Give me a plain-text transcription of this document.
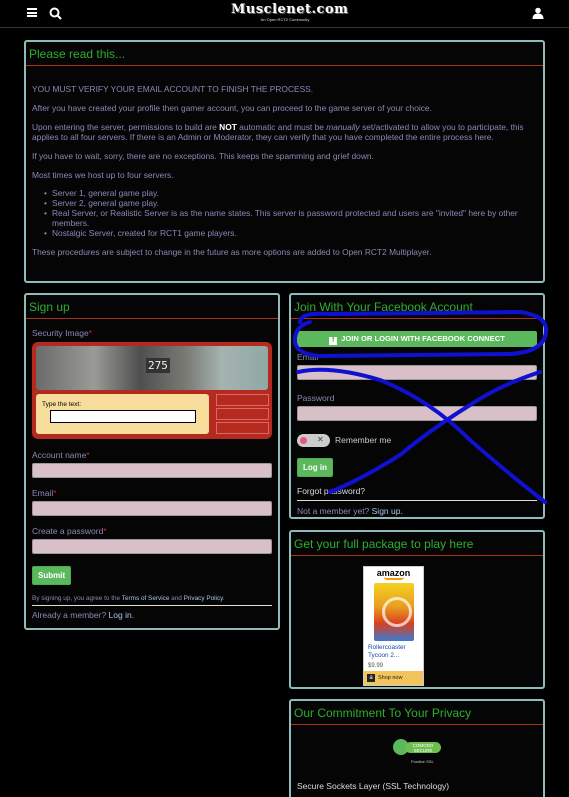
Musclenet.com
An Open RCT2 Community
Please read this...

YOU MUST VERIFY YOUR EMAIL ACCOUNT TO FINISH THE PROCESS.

After you have created your profile then gamer account, you can proceed to the game server of your choice.

Upon entering the server, permissions to build are NOT automatic and must be manually set/activated to allow you to participate, this applies to all four servers. If there is an Admin or Moderator, they can verify that you have completed the entire process here.

If you have to wait, sorry, there are no exceptions. This keeps the spamming and grief down.

Most times we host up to four servers.

• Server 1, general game play.
• Server 2, general game play.
• Real Server, or Realistic Server is as the name states. This server is password protected and users are "invited" here by other members.
• Nostalgic Server, created for RCT1 game players.

These procedures are subject to change in the future as more options are added to Open RCT2 Multiplayer.

Sign up
Security Image*
275
Type the text:
Account name*
Email*
Create a password*
Submit
By signing up, you agree to the Terms of Service and Privacy Policy.
Already a member? Log in.
Join With Your Facebook Account
f JOIN OR LOGIN WITH FACEBOOK CONNECT
Email
Password
✕ Remember me
Log in
Forgot password?
Not a member yet? Sign up.
Get your full package to play here
amazon
Rollercoaster Tycoon 2...
$9.99
a Shop now
Our Commitment To Your Privacy
COMODO SECURE
Positive SSL
Secure Sockets Layer (SSL Technology)
